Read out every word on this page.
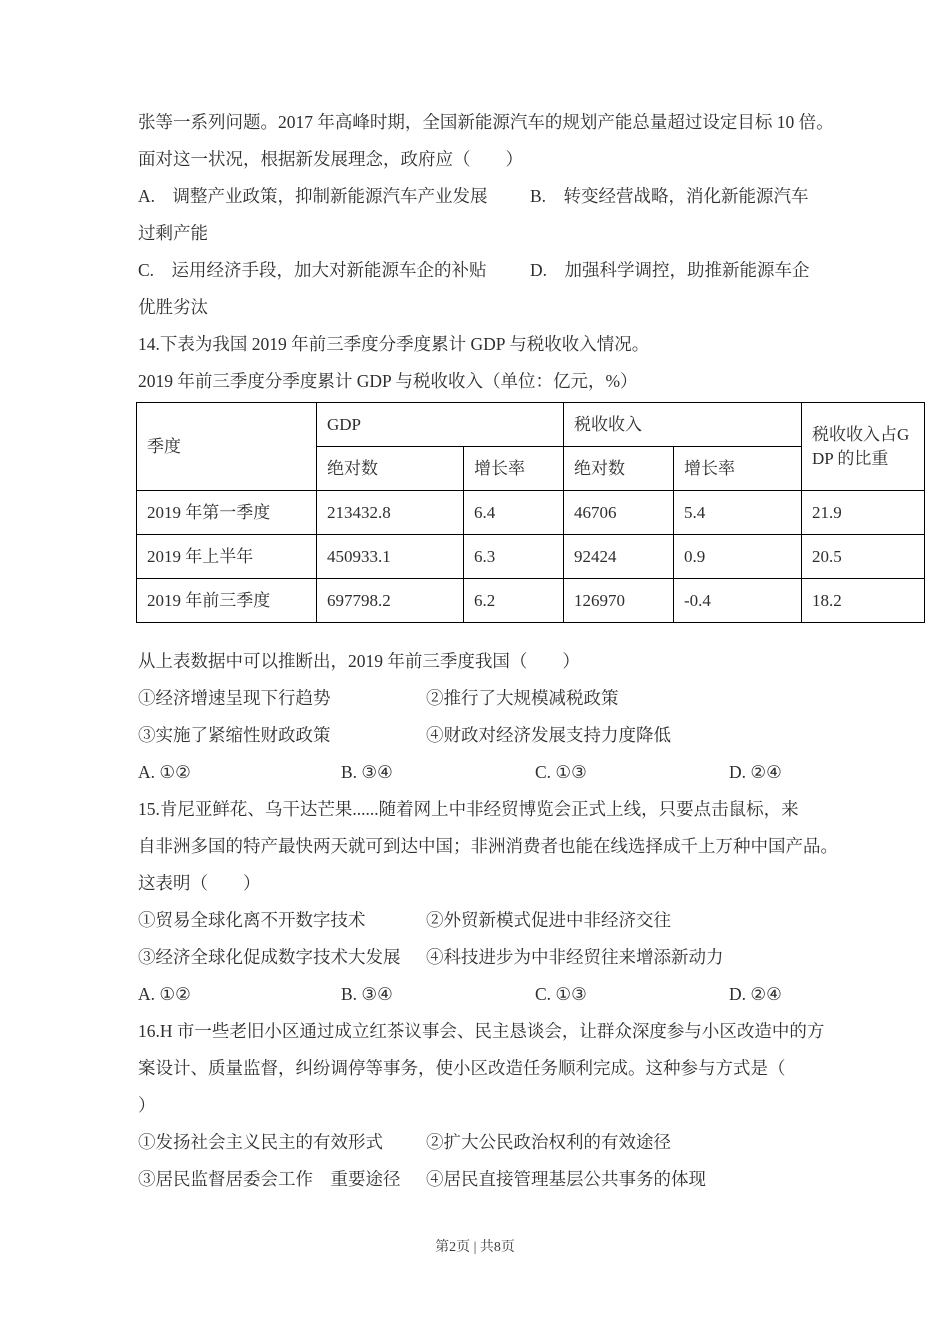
张等一系列问题。2017 年高峰时期，全国新能源汽车的规划产能总量超过设定目标 10 倍。

面对这一状况，根据新发展理念，政府应（　　）

A.　调整产业政策，抑制新能源汽车产业发展 B.　转变经营战略，消化新能源汽车

过剩产能

C.　运用经济手段，加大对新能源车企的补贴 D.　加强科学调控，助推新能源车企

优胜劣汰

14.下表为我国 2019 年前三季度分季度累计 GDP 与税收收入情况。

2019 年前三季度分季度累计 GDP 与税收收入（单位：亿元，%）

季度	GDP		税收收入		税收收入占GDP 的比重
	绝对数	增长率	绝对数	增长率	
2019 年第一季度	213432.8	6.4	46706	5.4	21.9
2019 年上半年	450933.1	6.3	92424	0.9	20.5
2019 年前三季度	697798.2	6.2	126970	-0.4	18.2

从上表数据中可以推断出，2019 年前三季度我国（　　）

①经济增速呈现下行趋势	②推行了大规模减税政策

③实施了紧缩性财政政策	④财政对经济发展支持力度降低

A. ①②	B. ③④	C. ①③	D. ②④

15.肯尼亚鲜花、乌干达芒果......随着网上中非经贸博览会正式上线，只要点击鼠标，来

自非洲多国的特产最快两天就可到达中国；非洲消费者也能在线选择成千上万种中国产品。

这表明（　　）

①贸易全球化离不开数字技术	②外贸新模式促进中非经济交往

③经济全球化促成数字技术大发展 ④科技进步为中非经贸往来增添新动力

A. ①②	B. ③④	C. ①③	D. ②④

16.H 市一些老旧小区通过成立红茶议事会、民主恳谈会，让群众深度参与小区改造中的方

案设计、质量监督，纠纷调停等事务，使小区改造任务顺利完成。这种参与方式是（

）

①发扬社会主义民主的有效形式 ②扩大公民政治权利的有效途径

③居民监督居委会工作　重要途径 ④居民直接管理基层公共事务的体现

第2页 | 共8页
